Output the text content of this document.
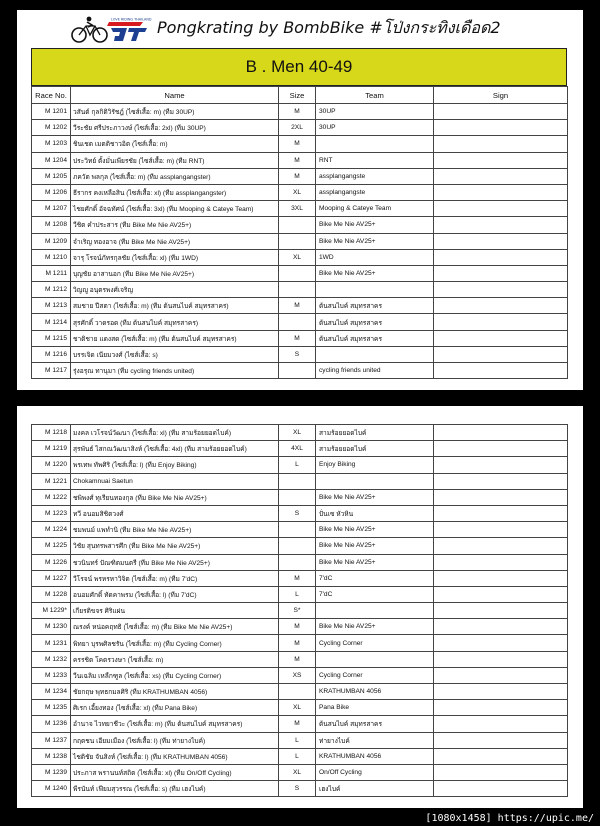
LOVE RIDING THAILAND Pongkrating by BombBike #โป่งกระทิงเดือด2
B . Men 40-49
Race No.	Name	Size	Team	Sign
M 1201	วสันต์ กุลกิติวิรัชฎ์ (ไซส์เสื้อ: m) (ทีม 30UP)	M	30UP	
M 1202	วีระชัย ศรีประภาวงษ์ (ไซส์เสื้อ: 2xl) (ทีม 30UP)	2XL	30UP	
M 1203	ชินเชต เมตติชาวอิต (ไซส์เสื้อ: m)	M		
M 1204	ประวิทย์ ตั้งมั่นเพียรชัย (ไซส์เสื้อ: m) (ทีม RNT)	M	RNT	
M 1205	ภควัต พลกุล (ไซส์เสื้อ: m) (ทีม assplangangster)	M	assplangangste	
M 1206	ธีรากร คงเหลือสิน (ไซส์เสื้อ: xl) (ทีม assplangangster)	XL	assplangangste	
M 1207	ไชยศักดิ์ อัจฉทัศน์ (ไซส์เสื้อ: 3xl) (ทีม Mooping & Cateye Team)	3XL	Mooping & Cateye Team	
M 1208	วีชิต คำประสาร (ทีม Bike Me Nie AV25+)		Bike Me Nie AV25+	
M 1209	จำเริญ ทองอาจ (ทีม Bike Me Nie AV25+)		Bike Me Nie AV25+	
M 1210	จารุ โรจน์ภัทรกุลชัย (ไซส์เสื้อ: xl) (ทีม 1WD)	XL	1WD	
M 1211	บุญชัย อาสานอก (ทีม Bike Me Nie AV25+)		Bike Me Nie AV25+	
M 1212	วิญญู อนุตรพงศ์เจริญ			
M 1213	สมชาย ปีสตา (ไซส์เสื้อ: m) (ทีม ต้นสนไบค์ สมุทรสาคร)	M	ต้นสนไบค์ สมุทรสาคร	
M 1214	สุรศักดิ์ วาดรอด (ทีม ต้นสนไบค์ สมุทรสาคร)		ต้นสนไบค์ สมุทรสาคร	
M 1215	ชาติชาย แดงสด (ไซส์เสื้อ: m) (ทีม ต้นสนไบค์ สมุทรสาคร)	M	ต้นสนไบค์ สมุทรสาคร	
M 1216	บรรเจิด เนียมวงศ์ (ไซส์เสื้อ: s)	S		
M 1217	รุ่งอรุณ ทานุมา (ทีม cycling friends united)		cycling friends united	
M 1218	มงคล เวโรจน์วัฒนา (ไซส์เสื้อ: xl) (ทีม สามร้อยยอดไบค์)	XL	สามร้อยยอดไบค์	
M 1219	สุรพันธ์ ไสกณวัฒนาสิงห์ (ไซส์เสื้อ: 4xl) (ทีม สามร้อยยอดไบค์)	4XL	สามร้อยยอดไบค์	
M 1220	พรเทพ ทัพศิริ (ไซส์เสื้อ: l) (ทีม Enjoy Biking)	L	Enjoy Biking	
M 1221	Chokamnuai Saetun			
M 1222	ชพิพงศ์ ทุเรียนทองกุล (ทีม Bike Me Nie AV25+)		Bike Me Nie AV25+	
M 1223	ทวี อนอมสิชิตวงศ์	S	ปั่นเซ หัวหิน	
M 1224	ชมพนม์ แพทำนิ (ทีม Bike Me Nie AV25+)		Bike Me Nie AV25+	
M 1225	วิชัย สุนทรพสารศึก (ทีม Bike Me Nie AV25+)		Bike Me Nie AV25+	
M 1226	ชวนินทร์ ปัณฑิตมนตรี (ทีม Bike Me Nie AV25+)		Bike Me Nie AV25+	
M 1227	วีโรจน์ พรหรหาวิจิต (ไซส์เสื้อ: m) (ทีม 7'dC)	M	7'dC	
M 1228	อนอมศักดิ์ ทัดคาพรม (ไซส์เสื้อ: l) (ทีม 7'dC)	L	7'dC	
M 1229*	เกียรติขจร ศิริแผ่น	S*		
M 1230	ณรงค์ หน่อคฤทธิ (ไซส์เสื้อ: m) (ทีม Bike Me Nie AV25+)	M	Bike Me Nie AV25+	
M 1231	พิทยา บุรพศิลชรัน (ไซส์เสื้อ: m) (ทีม Cycling Corner)	M	Cycling Corner	
M 1232	ครรชิต โคตรวงษา (ไซส์เสื้อ: m)	M		
M 1233	วีนเฉลิม เหลืกฑูล (ไซส์เสื้อ: xs) (ทีม Cycling Corner)	XS	Cycling Corner	
M 1234	ชัยกฤษ พุทธกมลศิริ (ทีม KRATHUMBAN 4056)		KRATHUMBAN 4056	
M 1235	ศิเรก เอี้ยงทอง (ไซส์เสื้อ: xl) (ทีม Pana Bike)	XL	Pana Bike	
M 1236	อำนาจ ไวทยาชีวะ (ไซส์เสื้อ: m) (ทีม ต้นสนไบค์ สมุทรสาคร)	M	ต้นสนไบค์ สมุทรสาคร	
M 1237	กฤตชน เอียมเมือง (ไซส์เสื้อ: l) (ทีม ท่ายางไบค์)	L	ท่ายางไบค์	
M 1238	ไชติชัย จันสิงห์ (ไซส์เสื้อ: l) (ทีม KRATHUMBAN 4056)	L	KRATHUMBAN 4056	
M 1239	ประภาส พรานนท์สถิต (ไซส์เสื้อ: xl) (ทีม On/Off Cycling)	XL	On/Off Cycling	
M 1240	พีรนันท์ เฟียมสุวรรณ (ไซส์เสื้อ: s) (ทีม เฮงไบค์)	S	เฮงไบค์	
[1080x1458] https://upic.me/
